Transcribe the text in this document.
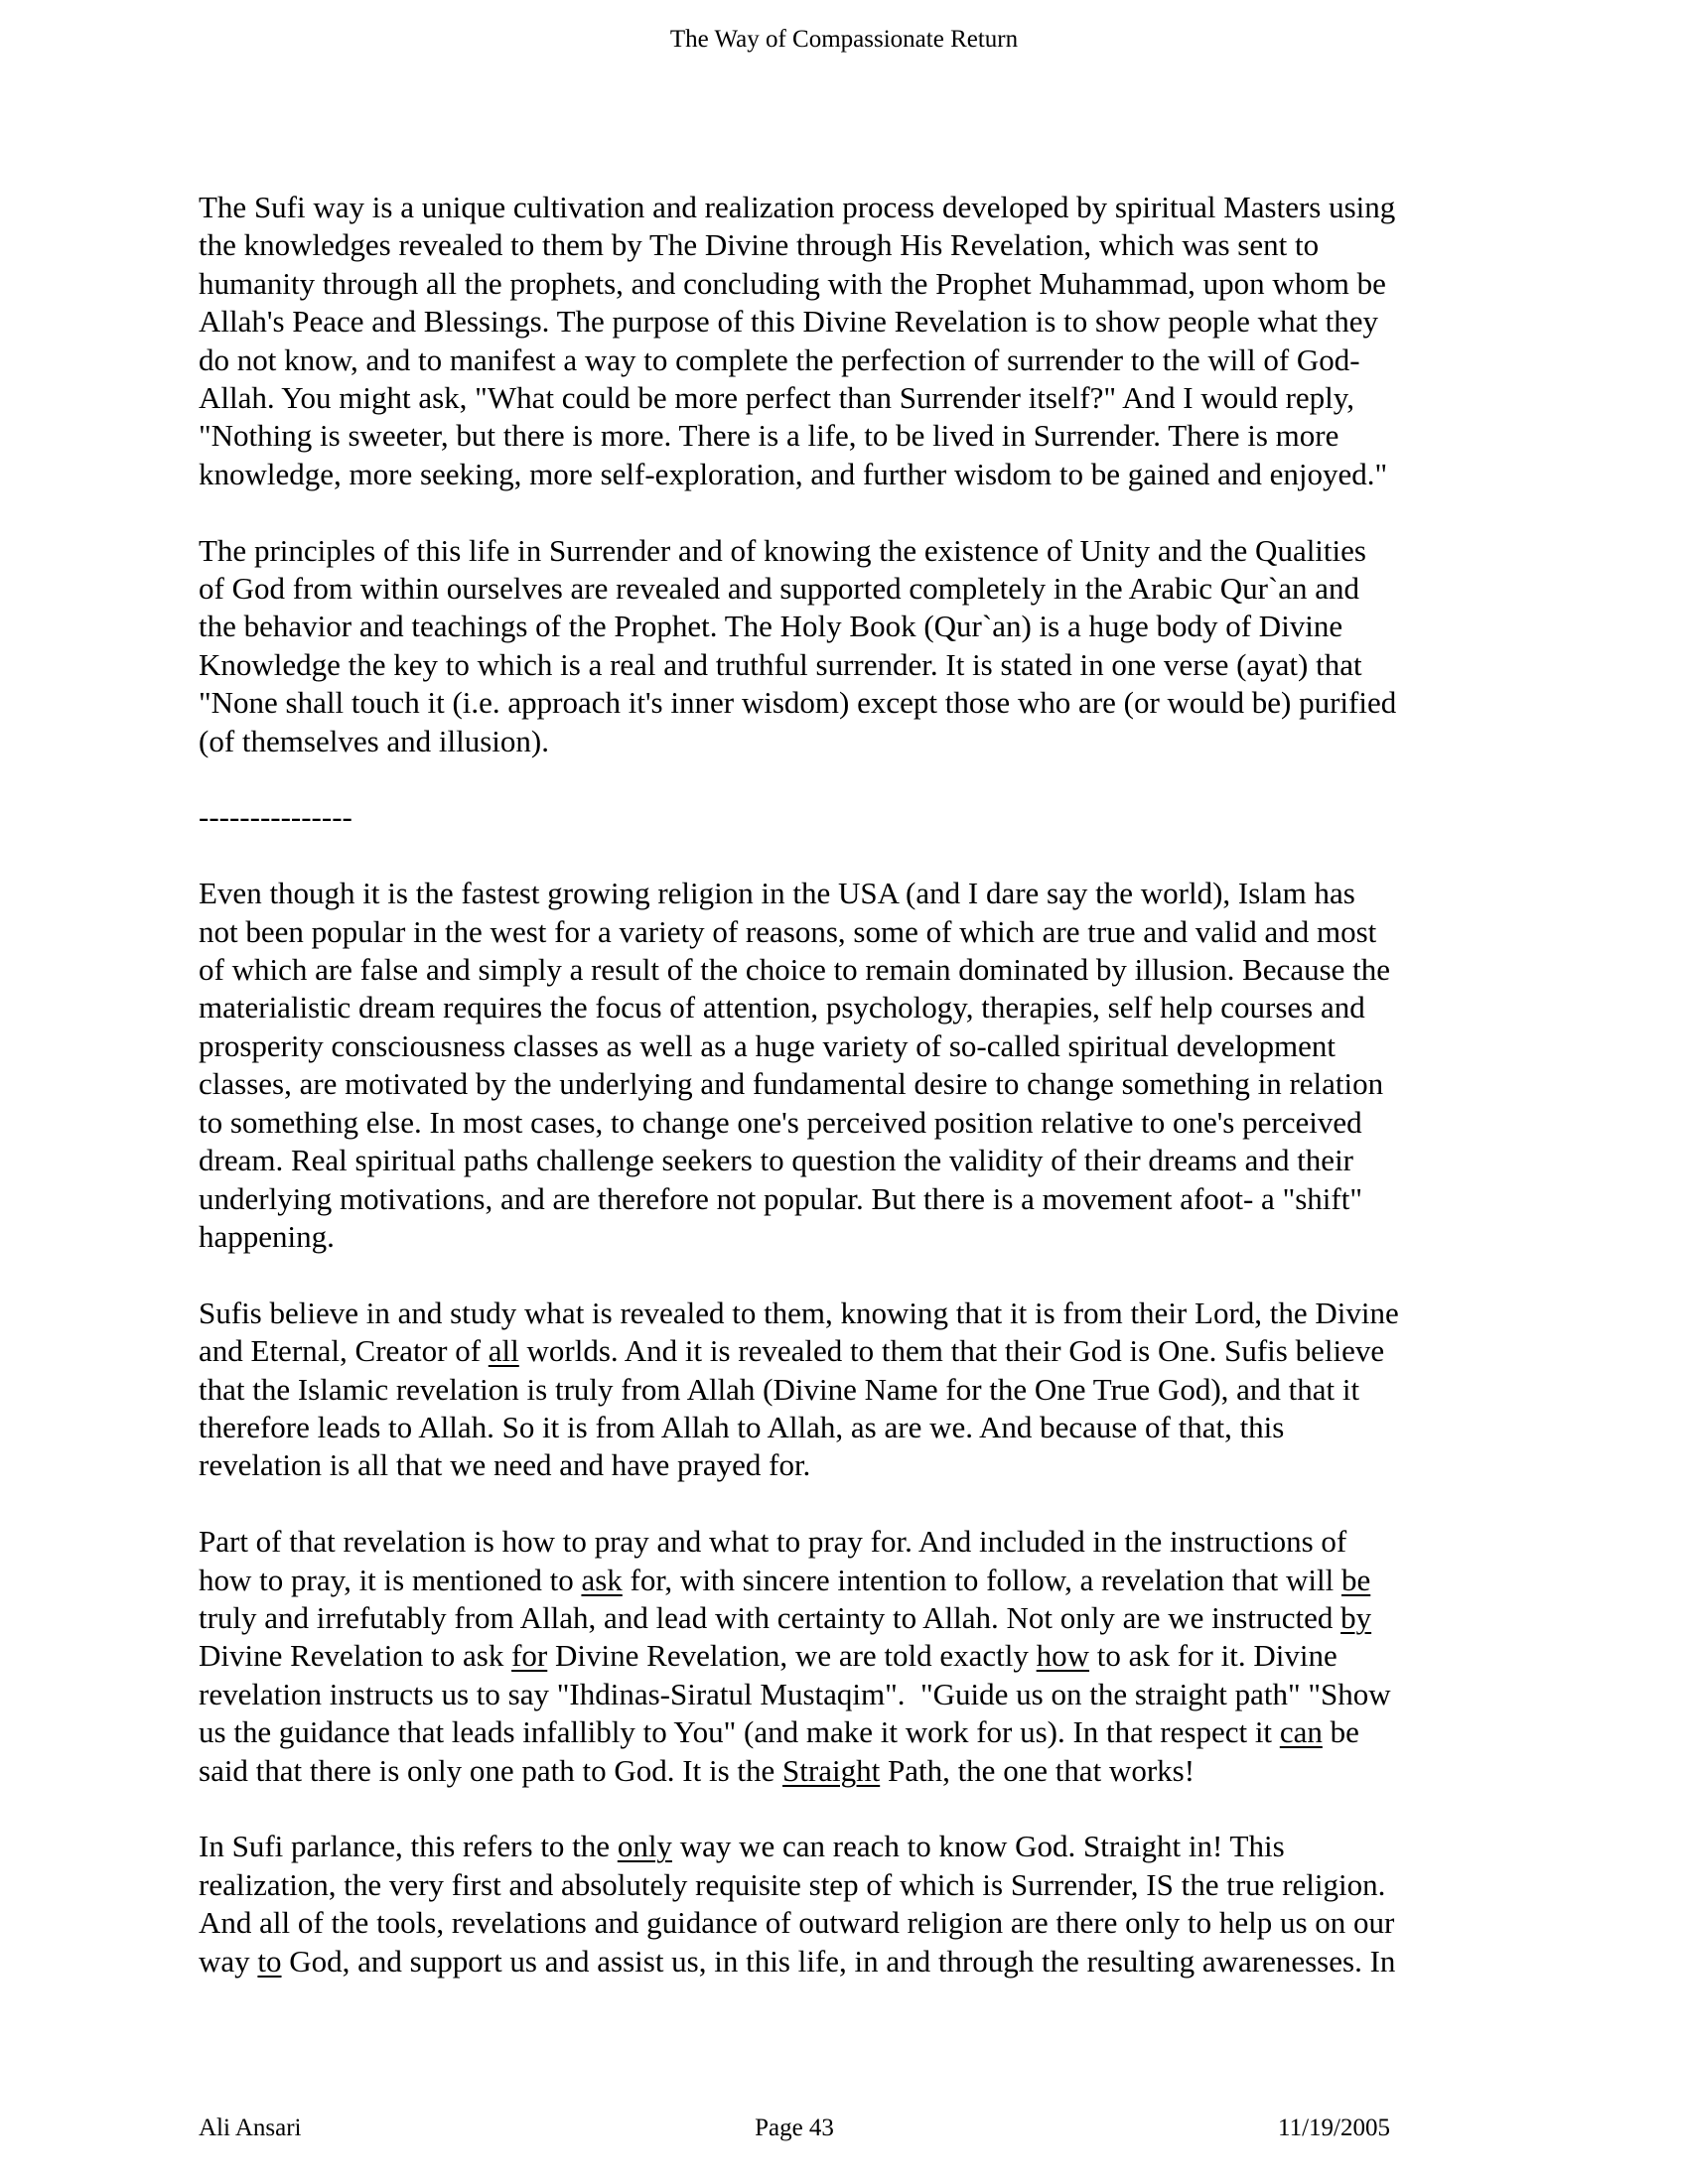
The Way of Compassionate Return
The Sufi way is a unique cultivation and realization process developed by spiritual Masters using
the knowledges revealed to them by The Divine through His Revelation, which was sent to
humanity through all the prophets, and concluding with the Prophet Muhammad, upon whom be
Allah's Peace and Blessings. The purpose of this Divine Revelation is to show people what they
do not know, and to manifest a way to complete the perfection of surrender to the will of God-
Allah. You might ask, "What could be more perfect than Surrender itself?" And I would reply,
"Nothing is sweeter, but there is more. There is a life, to be lived in Surrender. There is more
knowledge, more seeking, more self-exploration, and further wisdom to be gained and enjoyed."
The principles of this life in Surrender and of knowing the existence of Unity and the Qualities
of God from within ourselves are revealed and supported completely in the Arabic Qur`an and
the behavior and teachings of the Prophet. The Holy Book (Qur`an) is a huge body of Divine
Knowledge the key to which is a real and truthful surrender. It is stated in one verse (ayat) that
"None shall touch it (i.e. approach it's inner wisdom) except those who are (or would be) purified
(of themselves and illusion).
---------------
Even though it is the fastest growing religion in the USA (and I dare say the world), Islam has
not been popular in the west for a variety of reasons, some of which are true and valid and most
of which are false and simply a result of the choice to remain dominated by illusion. Because the
materialistic dream requires the focus of attention, psychology, therapies, self help courses and
prosperity consciousness classes as well as a huge variety of so-called spiritual development
classes, are motivated by the underlying and fundamental desire to change something in relation
to something else. In most cases, to change one's perceived position relative to one's perceived
dream. Real spiritual paths challenge seekers to question the validity of their dreams and their
underlying motivations, and are therefore not popular. But there is a movement afoot- a "shift"
happening.
Sufis believe in and study what is revealed to them, knowing that it is from their Lord, the Divine
and Eternal, Creator of all worlds. And it is revealed to them that their God is One. Sufis believe
that the Islamic revelation is truly from Allah (Divine Name for the One True God), and that it
therefore leads to Allah. So it is from Allah to Allah, as are we. And because of that, this
revelation is all that we need and have prayed for.
Part of that revelation is how to pray and what to pray for. And included in the instructions of
how to pray, it is mentioned to ask for, with sincere intention to follow, a revelation that will be
truly and irrefutably from Allah, and lead with certainty to Allah. Not only are we instructed by
Divine Revelation to ask for Divine Revelation, we are told exactly how to ask for it. Divine
revelation instructs us to say "Ihdinas-Siratul Mustaqim".  "Guide us on the straight path" "Show
us the guidance that leads infallibly to You" (and make it work for us). In that respect it can be
said that there is only one path to God. It is the Straight Path, the one that works!
In Sufi parlance, this refers to the only way we can reach to know God. Straight in! This
realization, the very first and absolutely requisite step of which is Surrender, IS the true religion.
And all of the tools, revelations and guidance of outward religion are there only to help us on our
way to God, and support us and assist us, in this life, in and through the resulting awarenesses. In
Ali Ansari	Page 43	11/19/2005
